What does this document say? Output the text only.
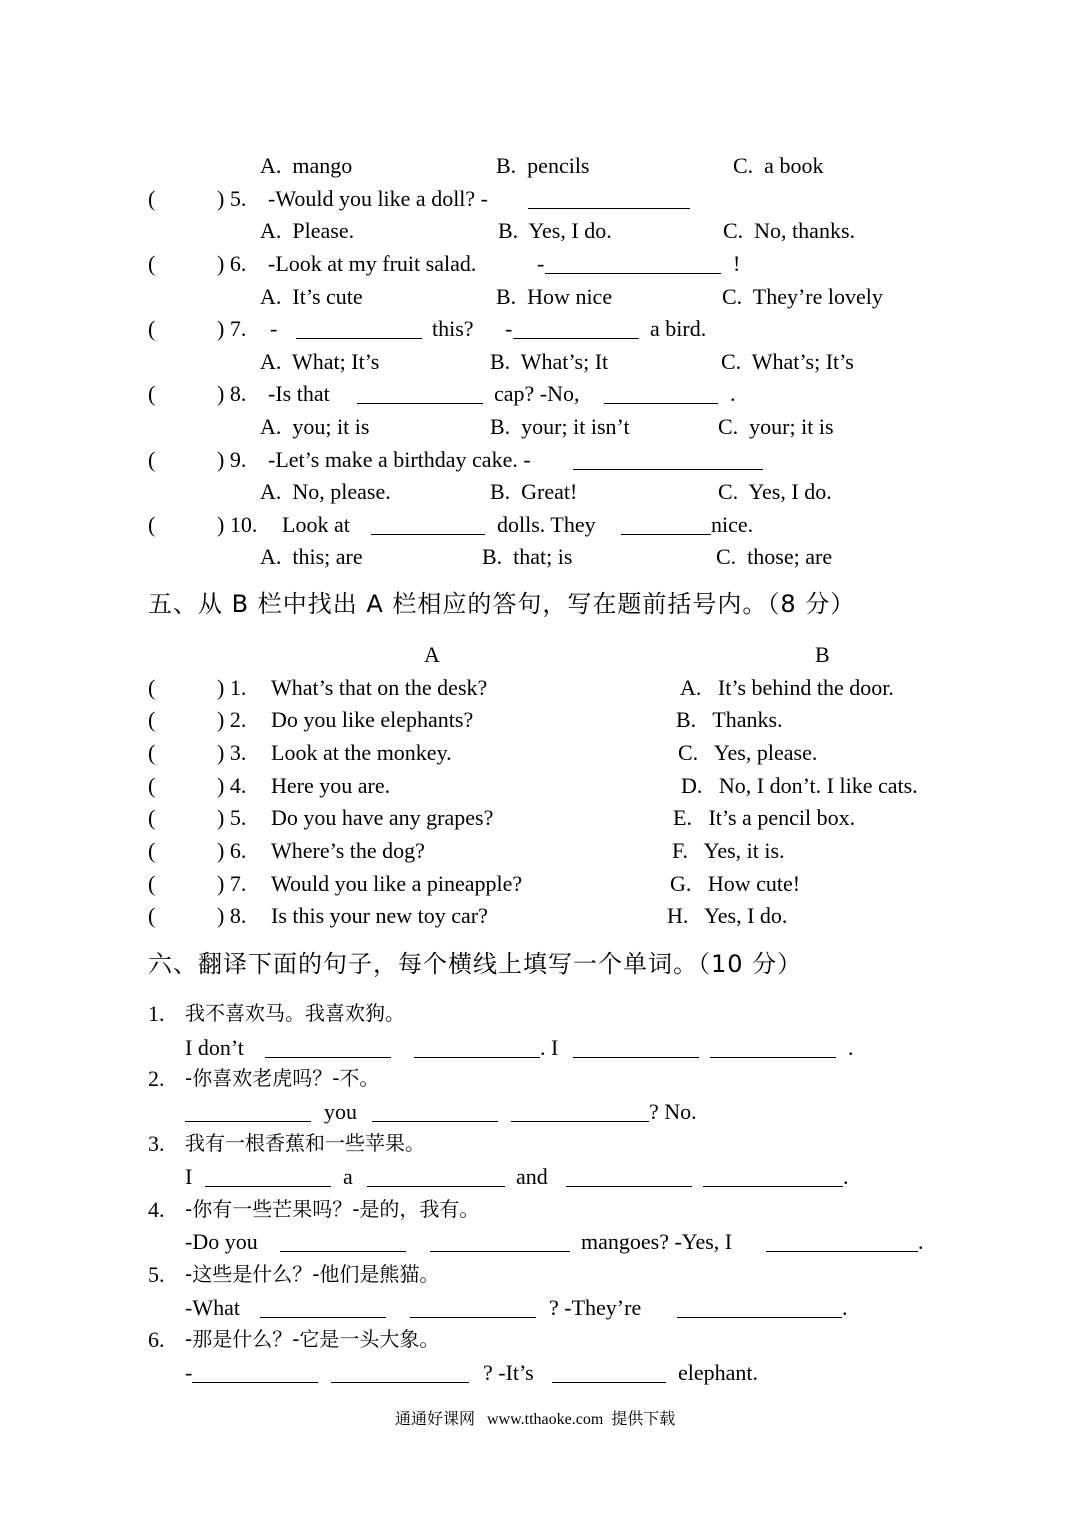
A.  mango	B.  pencils	C.  a book
(	) 5. -Would you like a doll? -
A.  Please.	B.  Yes, I do.	C.  No, thanks.
(	) 6. -Look at my fruit salad.	-	!
A.  It’s cute	B.  How nice	C.  They’re lovely
(	) 7. -	this? -	a bird.
A.  What; It’s	B.  What’s; It	C.  What’s; It’s
(	) 8. -Is that	cap? -No,	.
A.  you; it is	B.  your; it isn’t	C.  your; it is
(	) 9. -Let’s make a birthday cake. -
A.  No, please.	B.  Great!	C.  Yes, I do.
(	) 10. Look at	dolls. They	nice.
A.  this; are	B.  that; is	C.  those; are
五、从 B 栏中找出 A 栏相应的答句，写在题前括号内。（8 分）
A	B
(	) 1. What’s that on the desk?	A.   It’s behind the door.
(	) 2. Do you like elephants?	B.   Thanks.
(	) 3. Look at the monkey.	C.   Yes, please.
(	) 4. Here you are.	D.   No, I don’t. I like cats.
(	) 5. Do you have any grapes?	E.   It’s a pencil box.
(	) 6. Where’s the dog?	F.   Yes, it is.
(	) 7. Would you like a pineapple?	G.   How cute!
(	) 8. Is this your new toy car?	H.   Yes, I do.
六、翻译下面的句子，每个横线上填写一个单词。（10 分）
1. 我不喜欢马。我喜欢狗。
I don’t	. I	.
2. -你喜欢老虎吗？-不。
you	? No.
3. 我有一根香蕉和一些苹果。
I	a	and	.
4. -你有一些芒果吗？-是的，我有。
-Do you	mangoes? -Yes, I	.
5. -这些是什么？-他们是熊猫。
-What	? -They’re	.
6. -那是什么？-它是一头大象。
-	? -It’s	elephant.
通通好课网   www.tthaoke.com  提供下载
